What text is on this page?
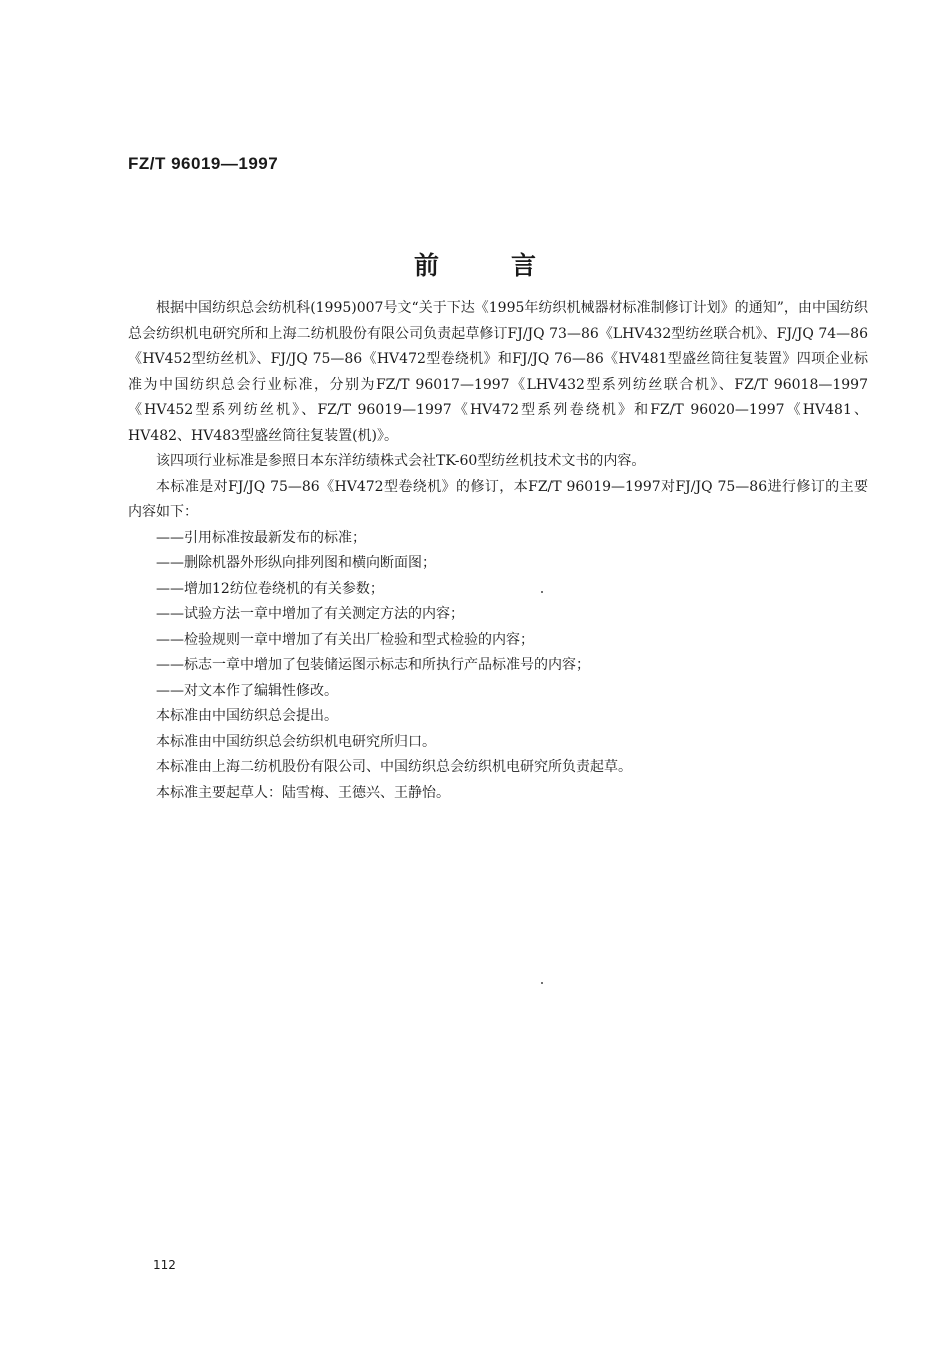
FZ/T 96019—1997

前言

根据中国纺织总会纺机科(1995)007号文“关于下达《1995年纺织机械器材标准制修订计划》的通知”，由中国纺织总会纺织机电研究所和上海二纺机股份有限公司负责起草修订FJ/JQ 73—86《LHV432型纺丝联合机》、FJ/JQ 74—86《HV452型纺丝机》、FJ/JQ 75—86《HV472型卷绕机》和FJ/JQ 76—86《HV481型盛丝筒往复装置》四项企业标准为中国纺织总会行业标准，分别为FZ/T 96017—1997《LHV432型系列纺丝联合机》、FZ/T 96018—1997《HV452型系列纺丝机》、FZ/T 96019—1997《HV472型系列卷绕机》和FZ/T 96020—1997《HV481、HV482、HV483型盛丝筒往复装置(机)》。

该四项行业标准是参照日本东洋纺绩株式会社TK-60型纺丝机技术文书的内容。

本标准是对FJ/JQ 75—86《HV472型卷绕机》的修订，本FZ/T 96019—1997对FJ/JQ 75—86进行修订的主要内容如下：

——引用标准按最新发布的标准；

——删除机器外形纵向排列图和横向断面图；

——增加12纺位卷绕机的有关参数；

——试验方法一章中增加了有关测定方法的内容；

——检验规则一章中增加了有关出厂检验和型式检验的内容；

——标志一章中增加了包装储运图示标志和所执行产品标准号的内容；

——对文本作了编辑性修改。

本标准由中国纺织总会提出。

本标准由中国纺织总会纺织机电研究所归口。

本标准由上海二纺机股份有限公司、中国纺织总会纺织机电研究所负责起草。

本标准主要起草人：陆雪梅、王德兴、王静怡。

112
